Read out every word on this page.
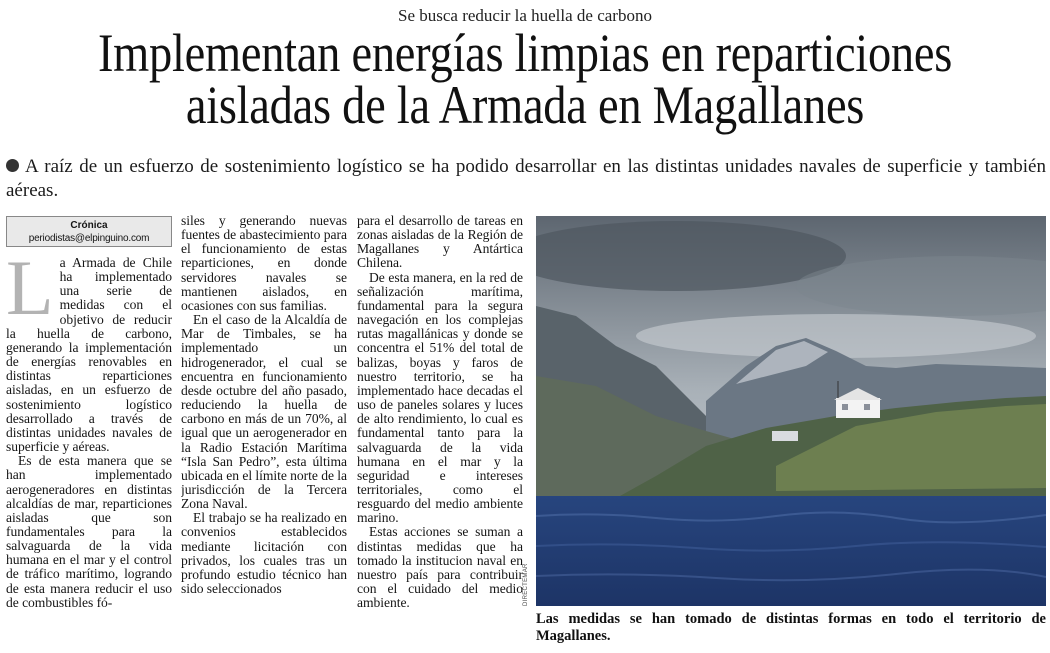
Se busca reducir la huella de carbono
Implementan energías limpias en reparticiones
aisladas de la Armada en Magallanes
A raíz de un esfuerzo de sostenimiento logístico se ha podido desarrollar en las distintas unidades navales de superficie y también aéreas.
Crónica
periodistas@elpinguino.com
L a Armada de Chile ha implementado una serie de medidas con el objetivo de reducir la huella de carbono, generando la implementación de energías renovables en distintas reparticiones aisladas, en un esfuerzo de sostenimiento logístico desarrollado a través de distintas unidades navales de superficie y aéreas.

Es de esta manera que se han implementado aerogeneradores en distintas alcaldías de mar, reparticiones aisladas que son fundamentales para la salvaguarda de la vida humana en el mar y el control de tráfico marítimo, logrando de esta manera reducir el uso de combustibles fó-

siles y generando nuevas fuentes de abastecimiento para el funcionamiento de estas reparticiones, en donde servidores navales se mantienen aislados, en ocasiones con sus familias.

En el caso de la Alcaldía de Mar de Timbales, se ha implementado un hidrogenerador, el cual se encuentra en funcionamiento desde octubre del año pasado, reduciendo la huella de carbono en más de un 70%, al igual que un aerogenerador en la Radio Estación Marítima “Isla San Pedro”, esta última ubicada en el límite norte de la jurisdicción de la Tercera Zona Naval.

El trabajo se ha realizado en convenios establecidos mediante licitación con privados, los cuales tras un profundo estudio técnico han sido seleccionados

para el desarrollo de tareas en zonas aisladas de la Región de Magallanes y Antártica Chilena.

De esta manera, en la red de señalización marítima, fundamental para la segura navegación en los complejas rutas magallánicas y donde se concentra el 51% del total de balizas, boyas y faros de nuestro territorio, se ha implementado hace decadas el uso de paneles solares y luces de alto rendimiento, lo cual es fundamental tanto para la salvaguarda de la vida humana en el mar y la seguridad e intereses territoriales, como el resguardo del medio ambiente marino.

Estas acciones se suman a distintas medidas que ha tomado la institucion naval en nuestro país para contribuir con el cuidado del medio ambiente.	DIRECTEMAR
Las medidas se han tomado de distintas formas en todo el territorio de Magallanes.
